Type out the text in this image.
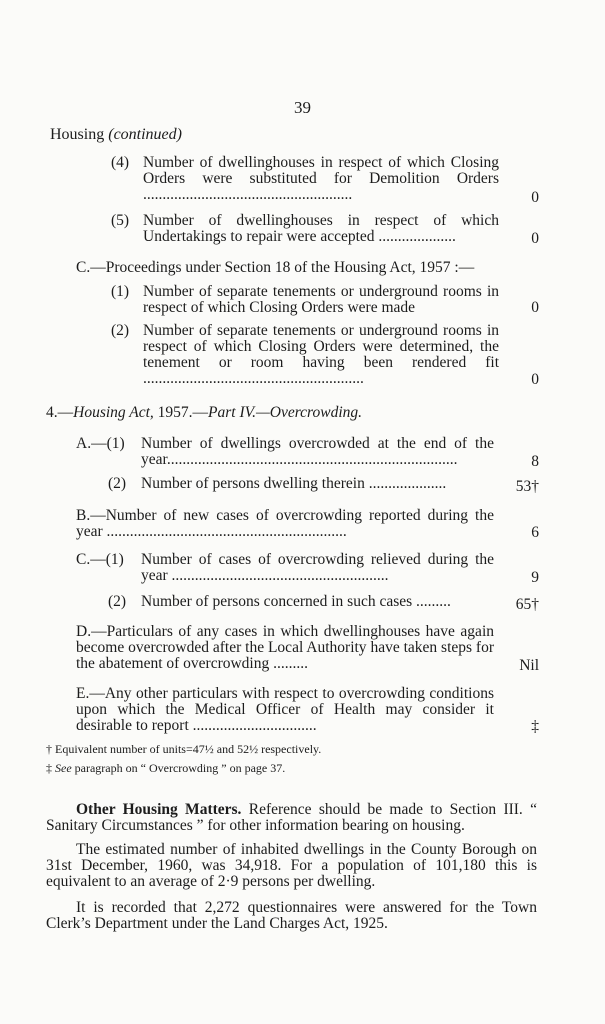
39
Housing (continued)
(4) Number of dwellinghouses in respect of which Closing Orders were substituted for Demolition Orders ......................................................	0
(5) Number of dwellinghouses in respect of which Undertakings to repair were accepted ....................	0
C.—Proceedings under Section 18 of the Housing Act, 1957 :—
(1) Number of separate tenements or underground rooms in respect of which Closing Orders were made	0
(2) Number of separate tenements or underground rooms in respect of which Closing Orders were determined, the tenement or room having been rendered fit .........................................................	0
4.—Housing Act, 1957.—Part IV.—Overcrowding.
A.—(1)	Number of dwellings overcrowded at the end of the year...........................................................................	8
(2) Number of persons dwelling therein ....................	53†
B.—Number of new cases of overcrowding reported during the year ..............................................................	6
C.—(1)	Number of cases of overcrowding relieved during the year ........................................................	9
(2) Number of persons concerned in such cases .........	65†
D.—Particulars of any cases in which dwellinghouses have again become overcrowded after the Local Authority have taken steps for the abatement of overcrowding .........	Nil
E.—Any other particulars with respect to overcrowding conditions upon which the Medical Officer of Health may consider it desirable to report ................................	‡
† Equivalent number of units=47½ and 52½ respectively.
‡ See paragraph on “ Overcrowding ” on page 37.
Other Housing Matters. Reference should be made to Section III. “ Sanitary Circumstances ” for other information bearing on housing.
The estimated number of inhabited dwellings in the County Borough on 31st December, 1960, was 34,918. For a population of 101,180 this is equivalent to an average of 2·9 persons per dwelling.
It is recorded that 2,272 questionnaires were answered for the Town Clerk’s Department under the Land Charges Act, 1925.
